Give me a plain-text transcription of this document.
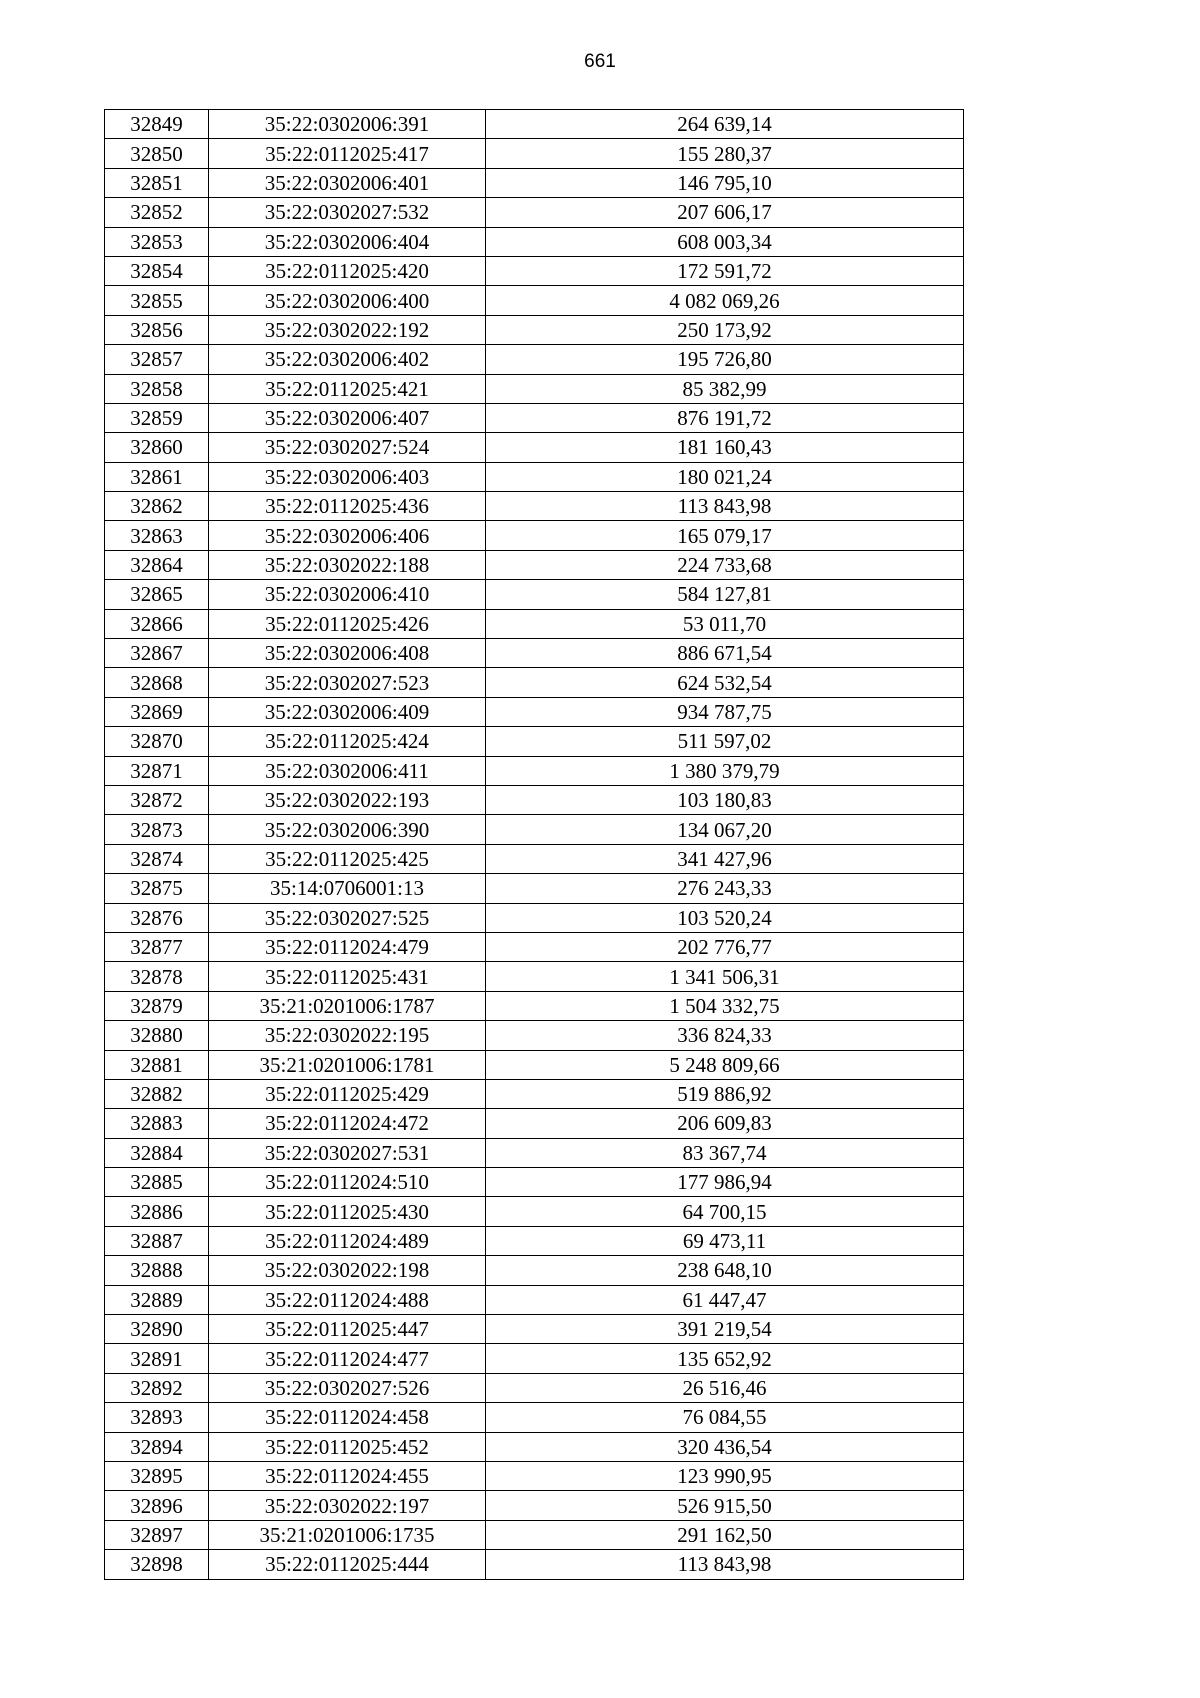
661
32849	35:22:0302006:391	264 639,14
32850	35:22:0112025:417	155 280,37
32851	35:22:0302006:401	146 795,10
32852	35:22:0302027:532	207 606,17
32853	35:22:0302006:404	608 003,34
32854	35:22:0112025:420	172 591,72
32855	35:22:0302006:400	4 082 069,26
32856	35:22:0302022:192	250 173,92
32857	35:22:0302006:402	195 726,80
32858	35:22:0112025:421	85 382,99
32859	35:22:0302006:407	876 191,72
32860	35:22:0302027:524	181 160,43
32861	35:22:0302006:403	180 021,24
32862	35:22:0112025:436	113 843,98
32863	35:22:0302006:406	165 079,17
32864	35:22:0302022:188	224 733,68
32865	35:22:0302006:410	584 127,81
32866	35:22:0112025:426	53 011,70
32867	35:22:0302006:408	886 671,54
32868	35:22:0302027:523	624 532,54
32869	35:22:0302006:409	934 787,75
32870	35:22:0112025:424	511 597,02
32871	35:22:0302006:411	1 380 379,79
32872	35:22:0302022:193	103 180,83
32873	35:22:0302006:390	134 067,20
32874	35:22:0112025:425	341 427,96
32875	35:14:0706001:13	276 243,33
32876	35:22:0302027:525	103 520,24
32877	35:22:0112024:479	202 776,77
32878	35:22:0112025:431	1 341 506,31
32879	35:21:0201006:1787	1 504 332,75
32880	35:22:0302022:195	336 824,33
32881	35:21:0201006:1781	5 248 809,66
32882	35:22:0112025:429	519 886,92
32883	35:22:0112024:472	206 609,83
32884	35:22:0302027:531	83 367,74
32885	35:22:0112024:510	177 986,94
32886	35:22:0112025:430	64 700,15
32887	35:22:0112024:489	69 473,11
32888	35:22:0302022:198	238 648,10
32889	35:22:0112024:488	61 447,47
32890	35:22:0112025:447	391 219,54
32891	35:22:0112024:477	135 652,92
32892	35:22:0302027:526	26 516,46
32893	35:22:0112024:458	76 084,55
32894	35:22:0112025:452	320 436,54
32895	35:22:0112024:455	123 990,95
32896	35:22:0302022:197	526 915,50
32897	35:21:0201006:1735	291 162,50
32898	35:22:0112025:444	113 843,98
